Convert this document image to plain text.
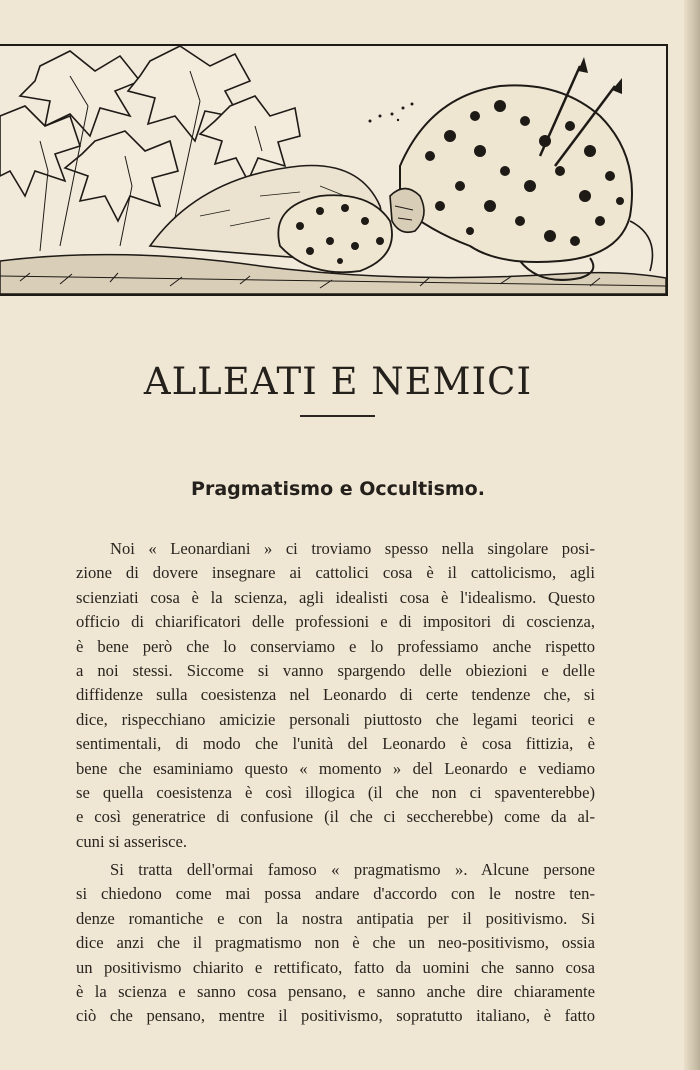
ALLEATI E NEMICI
Pragmatismo e Occultismo.
Noi « Leonardiani » ci troviamo spesso nella singolare posi-
zione di dovere insegnare ai cattolici cosa è il cattolicismo, agli
scienziati cosa è la scienza, agli idealisti cosa è l'idealismo. Questo
officio di chiarificatori delle professioni e di impositori di coscienza,
è bene però che lo conserviamo e lo professiamo anche rispetto
a noi stessi. Siccome si vanno spargendo delle obiezioni e delle
diffidenze sulla coesistenza nel Leonardo di certe tendenze che, si
dice, rispecchiano amicizie personali piuttosto che legami teorici e
sentimentali, di modo che l'unità del Leonardo è cosa fittizia, è
bene che esaminiamo questo « momento » del Leonardo e vediamo
se quella coesistenza è così illogica (il che non ci spaventerebbe)
e così generatrice di confusione (il che ci seccherebbe) come da al-
cuni si asserisce.
Si tratta dell'ormai famoso « pragmatismo ». Alcune persone
si chiedono come mai possa andare d'accordo con le nostre ten-
denze romantiche e con la nostra antipatia per il positivismo. Si
dice anzi che il pragmatismo non è che un neo-positivismo, ossia
un positivismo chiarito e rettificato, fatto da uomini che sanno cosa
è la scienza e sanno cosa pensano, e sanno anche dire chiaramente
ciò che pensano, mentre il positivismo, sopratutto italiano, è fatto
